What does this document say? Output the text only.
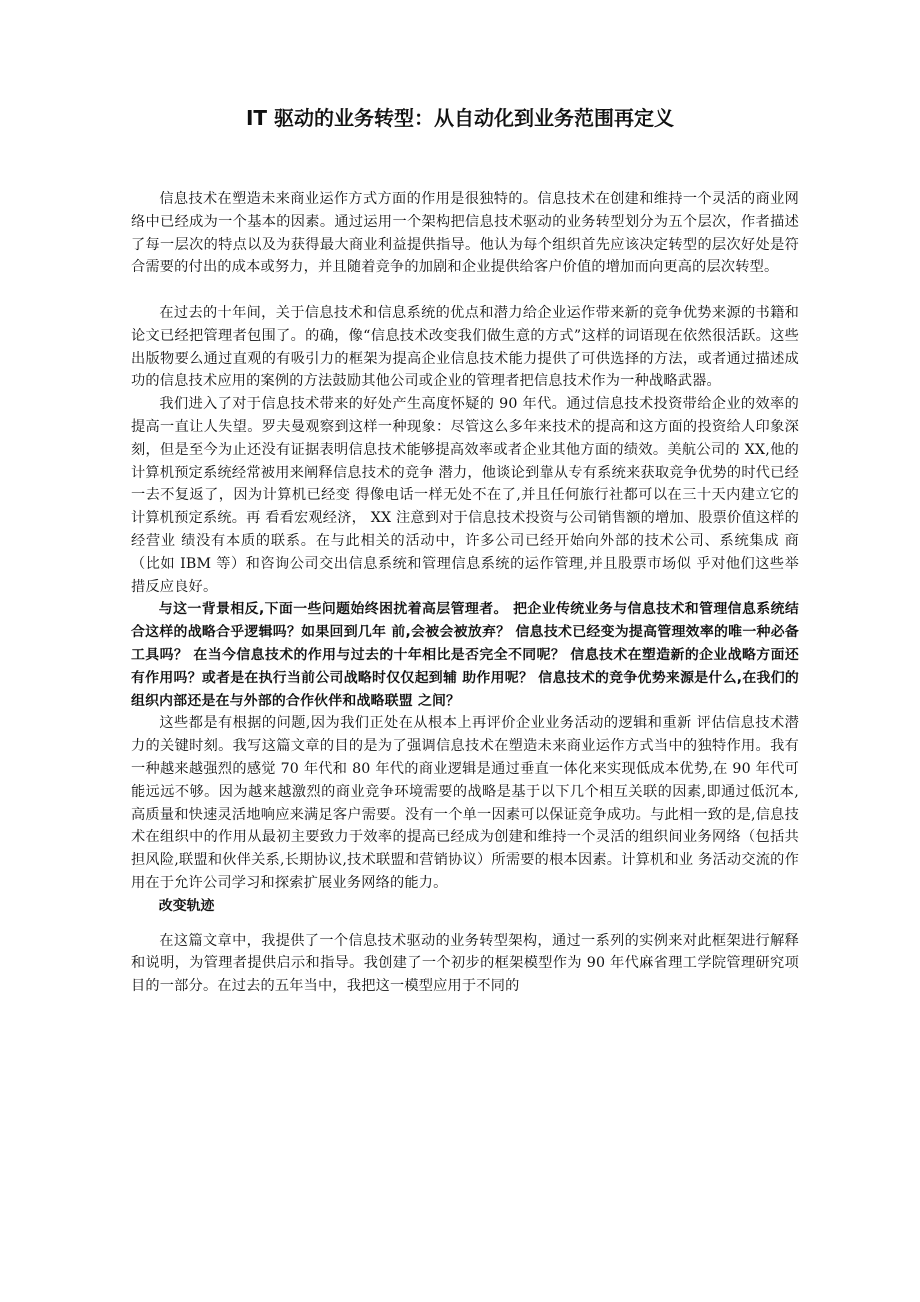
IT 驱动的业务转型：从自动化到业务范围再定义

信息技术在塑造未来商业运作方式方面的作用是很独特的。信息技术在创建和维持一个灵活的商业网络中已经成为一个基本的因素。通过运用一个架构把信息技术驱动的业务转型划分为五个层次，作者描述了每一层次的特点以及为获得最大商业利益提供指导。他认为每个组织首先应该决定转型的层次好处是符合需要的付出的成本或努力，并且随着竞争的加剧和企业提供给客户价值的增加而向更高的层次转型。

在过去的十年间，关于信息技术和信息系统的优点和潜力给企业运作带来新的竞争优势来源的书籍和论文已经把管理者包围了。的确，像“信息技术改变我们做生意的方式”这样的词语现在依然很活跃。这些出版物要么通过直观的有吸引力的框架为提高企业信息技术能力提供了可供选择的方法，或者通过描述成功的信息技术应用的案例的方法鼓励其他公司或企业的管理者把信息技术作为一种战略武器。

我们进入了对于信息技术带来的好处产生高度怀疑的 90 年代。通过信息技术投资带给企业的效率的提高一直让人失望。罗夫曼观察到这样一种现象：尽管这么多年来技术的提高和这方面的投资给人印象深刻，但是至今为止还没有证据表明信息技术能够提高效率或者企业其他方面的绩效。美航公司的 XX,他的计算机预定系统经常被用来阐释信息技术的竞争 潜力，他谈论到靠从专有系统来获取竞争优势的时代已经一去不复返了，因为计算机已经变 得像电话一样无处不在了,并且任何旅行社都可以在三十天内建立它的计算机预定系统。再 看看宏观经济， XX 注意到对于信息技术投资与公司销售额的增加、股票价值这样的经营业 绩没有本质的联系。在与此相关的活动中，许多公司已经开始向外部的技术公司、系统集成 商（比如 IBM 等）和咨询公司交出信息系统和管理信息系统的运作管理,并且股票市场似 乎对他们这些举措反应良好。

与这一背景相反,下面一些问题始终困扰着高层管理者。 把企业传统业务与信息技术和管理信息系统结合这样的战略合乎逻辑吗？如果回到几年 前,会被会被放弃？ 信息技术已经变为提高管理效率的唯一种必备工具吗？ 在当今信息技术的作用与过去的十年相比是否完全不同呢？ 信息技术在塑造新的企业战略方面还有作用吗？或者是在执行当前公司战略时仅仅起到辅 助作用呢？ 信息技术的竞争优势来源是什么,在我们的组织内部还是在与外部的合作伙伴和战略联盟 之间？

这些都是有根据的问题,因为我们正处在从根本上再评价企业业务活动的逻辑和重新 评估信息技术潜力的关键时刻。我写这篇文章的目的是为了强调信息技术在塑造未来商业运作方式当中的独特作用。我有一种越来越强烈的感觉 70 年代和 80 年代的商业逻辑是通过垂直一体化来实现低成本优势,在 90 年代可能远远不够。因为越来越激烈的商业竞争环境需要的战略是基于以下几个相互关联的因素,即通过低沉本,高质量和快速灵活地响应来满足客户需要。没有一个单一因素可以保证竞争成功。与此相一致的是,信息技术在组织中的作用从最初主要致力于效率的提高已经成为创建和维持一个灵活的组织间业务网络（包括共担风险,联盟和伙伴关系,长期协议,技术联盟和营销协议）所需要的根本因素。计算机和业 务活动交流的作用在于允许公司学习和探索扩展业务网络的能力。

改变轨迹

在这篇文章中，我提供了一个信息技术驱动的业务转型架构，通过一系列的实例来对此框架进行解释和说明，为管理者提供启示和指导。我创建了一个初步的框架模型作为 90 年代麻省理工学院管理研究项目的一部分。在过去的五年当中，我把这一模型应用于不同的
